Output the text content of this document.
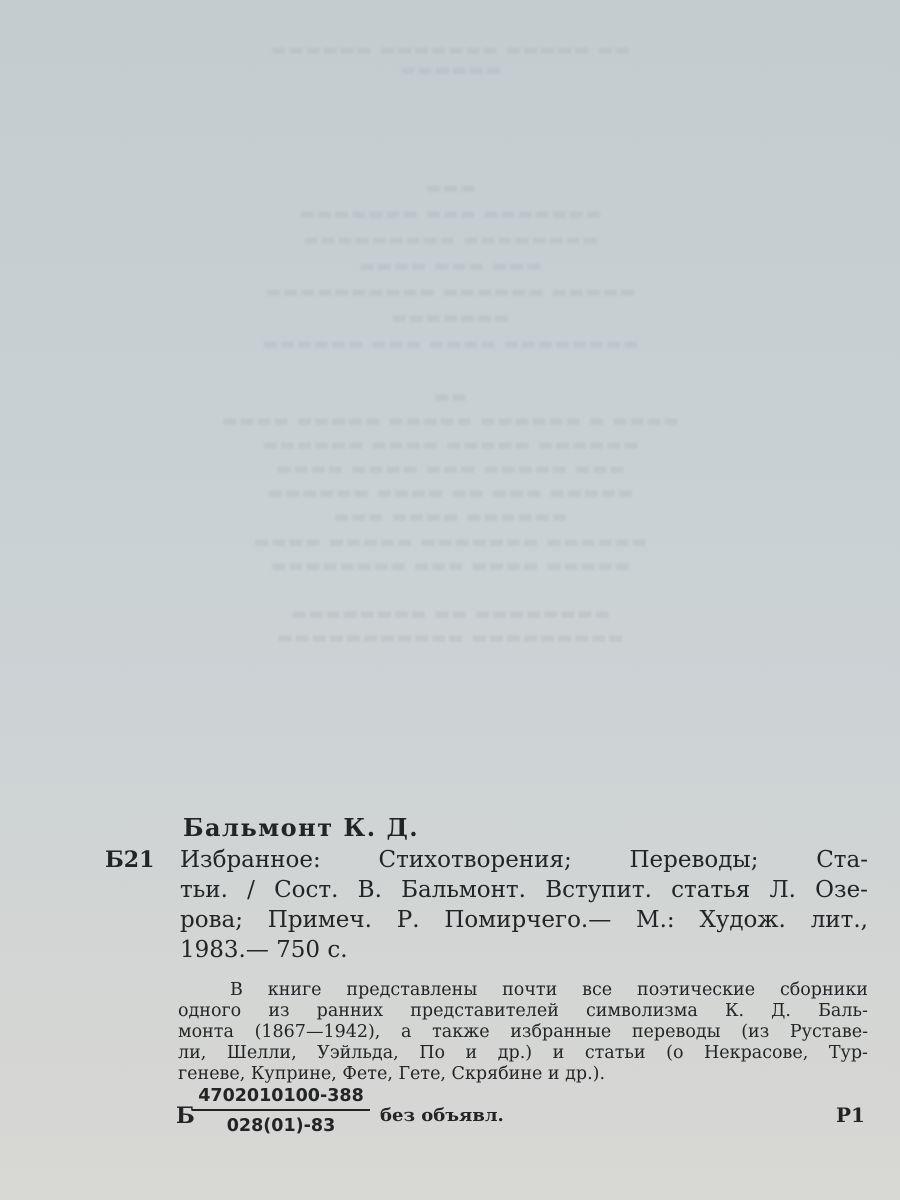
▬▬ ▬▬▬▬▬ ▬▬▬▬▬▬▬ ▬▬▬▬▬▬
▬▬▬▬▬▬
▬▬▬
▬▬▬▬▬▬▬ ▬▬▬ ▬▬▬▬▬▬▬
▬▬▬▬▬▬▬▬ ▬▬▬▬▬▬▬▬▬
▬▬▬ ▬▬▬ ▬▬▬▬
▬▬▬▬▬ ▬▬▬▬▬▬ ▬▬▬▬▬▬▬▬▬▬
▬▬▬▬▬▬▬
▬▬▬▬▬▬▬▬ ▬▬▬▬ ▬▬▬ ▬▬▬▬▬▬
▬▬
▬▬▬▬ ▬ ▬▬▬▬▬▬ ▬▬▬▬▬ ▬▬▬▬▬ ▬▬▬▬
▬▬▬▬▬▬ ▬▬▬▬▬ ▬▬▬▬ ▬▬▬▬▬▬
▬▬▬ ▬▬▬▬▬ ▬▬▬ ▬▬▬▬ ▬▬▬▬
▬▬▬▬▬ ▬▬▬ ▬▬ ▬▬▬▬ ▬▬▬▬▬▬
▬▬▬▬▬▬ ▬▬▬▬ ▬▬▬
▬▬▬▬▬▬ ▬▬▬▬▬▬▬ ▬▬▬▬▬ ▬▬▬▬
▬▬▬▬▬ ▬▬▬▬ ▬▬▬ ▬▬▬▬▬▬▬▬

▬▬▬▬▬▬▬▬ ▬▬ ▬▬▬▬▬▬▬▬
▬▬▬▬▬▬▬▬▬ ▬▬▬▬▬▬▬▬▬▬▬
Бальмонт К. Д.
Б21 Избранное:	Стихотворения;	Переводы;	Ста-
тьи. / Сост. В. Бальмонт. Вступит. статья Л. Озе-
рова; Примеч. Р. Помирчего.— М.: Худож. лит.,
1983.— 750 с.
В книге представлены почти все поэтические сборники
одного из ранних представителей символизма К. Д. Баль-
монта (1867—1942), а также избранные переводы (из Руставе-
ли, Шелли, Уэйльда, По и др.) и статьи (о Некрасове, Тур-
геневе, Куприне, Фете, Гете, Скрябине и др.).
Б
$\frac{4702010100-388}{028(01)-83}$ без объявл.	Р1
